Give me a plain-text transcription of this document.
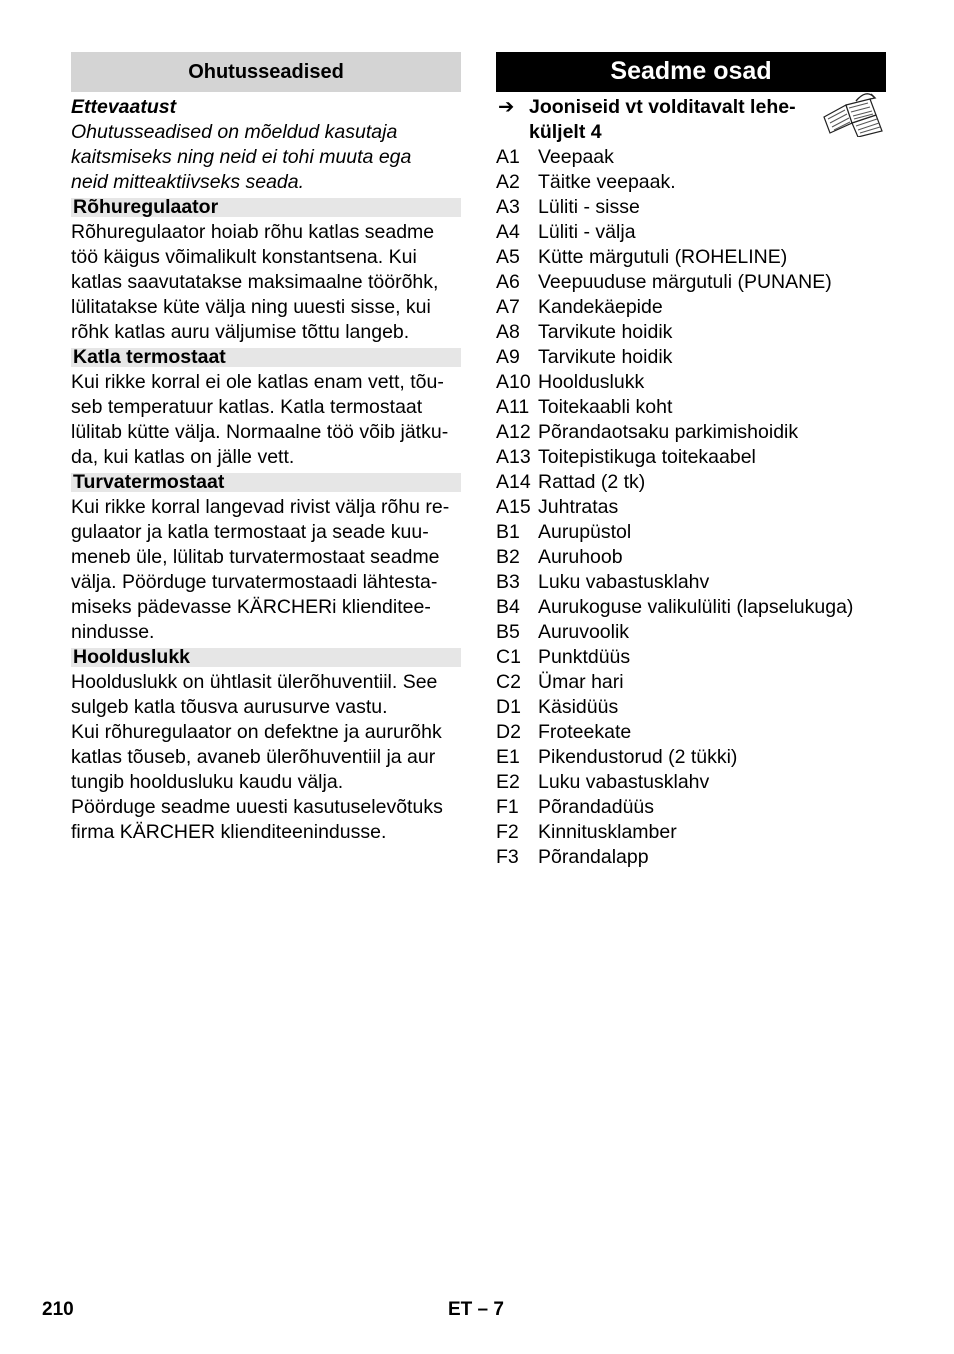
Ohutusseadised
Ettevaatust
Ohutusseadised on mõeldud kasutaja
kaitsmiseks ning neid ei tohi muuta ega
neid mitteaktiivseks seada.
Rõhuregulaator
Rõhuregulaator hoiab rõhu katlas seadme
töö käigus võimalikult konstantsena. Kui
katlas saavutatakse maksimaalne töörõhk,
lülitatakse küte välja ning uuesti sisse, kui
rõhk katlas auru väljumise tõttu langeb.
Katla termostaat
Kui rikke korral ei ole katlas enam vett, tõu-
seb temperatuur katlas. Katla termostaat
lülitab kütte välja. Normaalne töö võib jätku-
da, kui katlas on jälle vett.
Turvatermostaat
Kui rikke korral langevad rivist välja rõhu re-
gulaator ja katla termostaat ja seade kuu-
meneb üle, lülitab turvatermostaat seadme
välja. Pöörduge turvatermostaadi lähtesta-
miseks pädevasse KÄRCHERi klienditee-
nindusse.
Hoolduslukk
Hoolduslukk on ühtlasit ülerõhuventiil. See
sulgeb katla tõusva aurusurve vastu.
Kui rõhuregulaator on defektne ja aururõhk
katlas tõuseb, avaneb ülerõhuventiil ja aur
tungib hooldusluku kaudu välja.
Pöörduge seadme uuesti kasutuselevõtuks
firma KÄRCHER klienditeenindusse.
Seadme osad
➔ Jooniseid vt volditavalt lehe-
küljelt 4
A1 Veepaak
A2 Täitke veepaak.
A3 Lüliti - sisse
A4 Lüliti - välja
A5 Kütte märgutuli (ROHELINE)
A6 Veepuuduse märgutuli (PUNANE)
A7 Kandekäepide
A8 Tarvikute hoidik
A9 Tarvikute hoidik
A10 Hoolduslukk
A11 Toitekaabli koht
A12 Põrandaotsaku parkimishoidik
A13 Toitepistikuga toitekaabel
A14 Rattad (2 tk)
A15 Juhtratas
B1 Aurupüstol
B2 Auruhoob
B3 Luku vabastusklahv
B4 Aurukoguse valikulüliti (lapselukuga)
B5 Auruvoolik
C1 Punktdüüs
C2 Ümar hari
D1 Käsidüüs
D2 Froteekate
E1 Pikendustorud (2 tükki)
E2 Luku vabastusklahv
F1 Põrandadüüs
F2 Kinnitusklamber
F3 Põrandalapp
210	ET – 7
